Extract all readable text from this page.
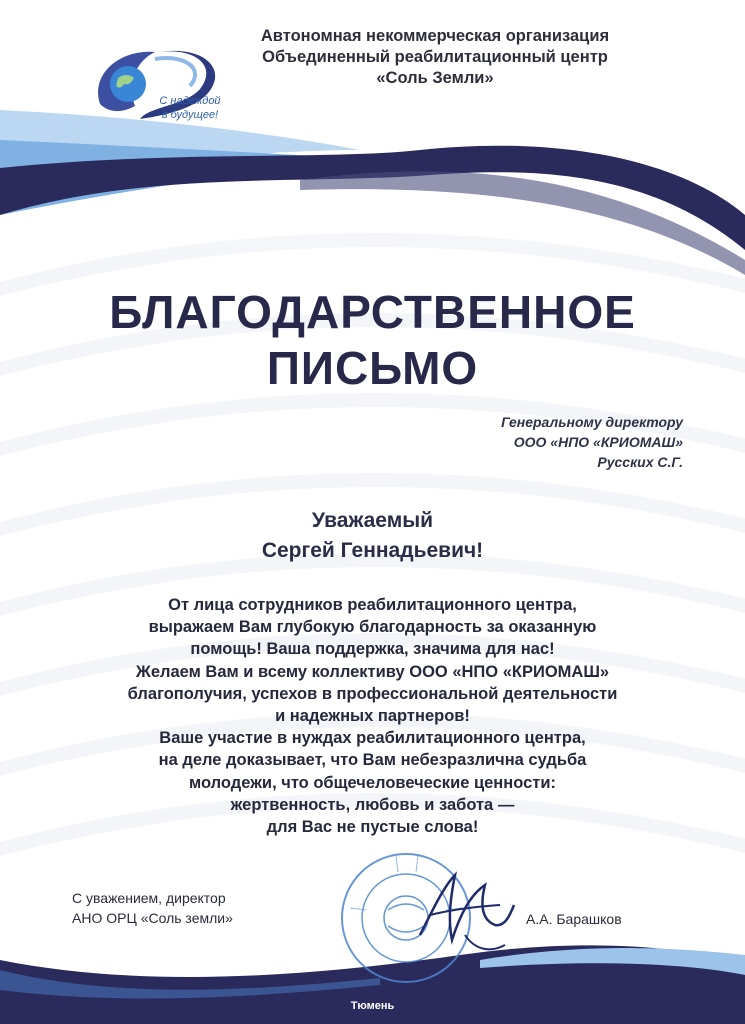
С надеждой
в будущее!
Автономная некоммерческая организация
Объединенный реабилитационный центр
«Соль Земли»
БЛАГОДАРСТВЕННОЕ
ПИСЬМО
Генеральному директору
ООО «НПО «КРИОМАШ»
Русских С.Г.
Уважаемый
Сергей Геннадьевич!
От лица сотрудников реабилитационного центра,
выражаем Вам глубокую благодарность за оказанную
помощь! Ваша поддержка, значима для нас!
Желаем Вам и всему коллективу ООО «НПО «КРИОМАШ»
благополучия, успехов в профессиональной деятельности
и надежных партнеров!
Ваше участие в нуждах реабилитационного центра,
на деле доказывает, что Вам небезразлична судьба
молодежи, что общечеловеческие ценности:
жертвенность, любовь и забота —
для Вас не пустые слова!
С уважением, директор
АНО ОРЦ «Соль земли»	А.А. Барашков
Тюмень
